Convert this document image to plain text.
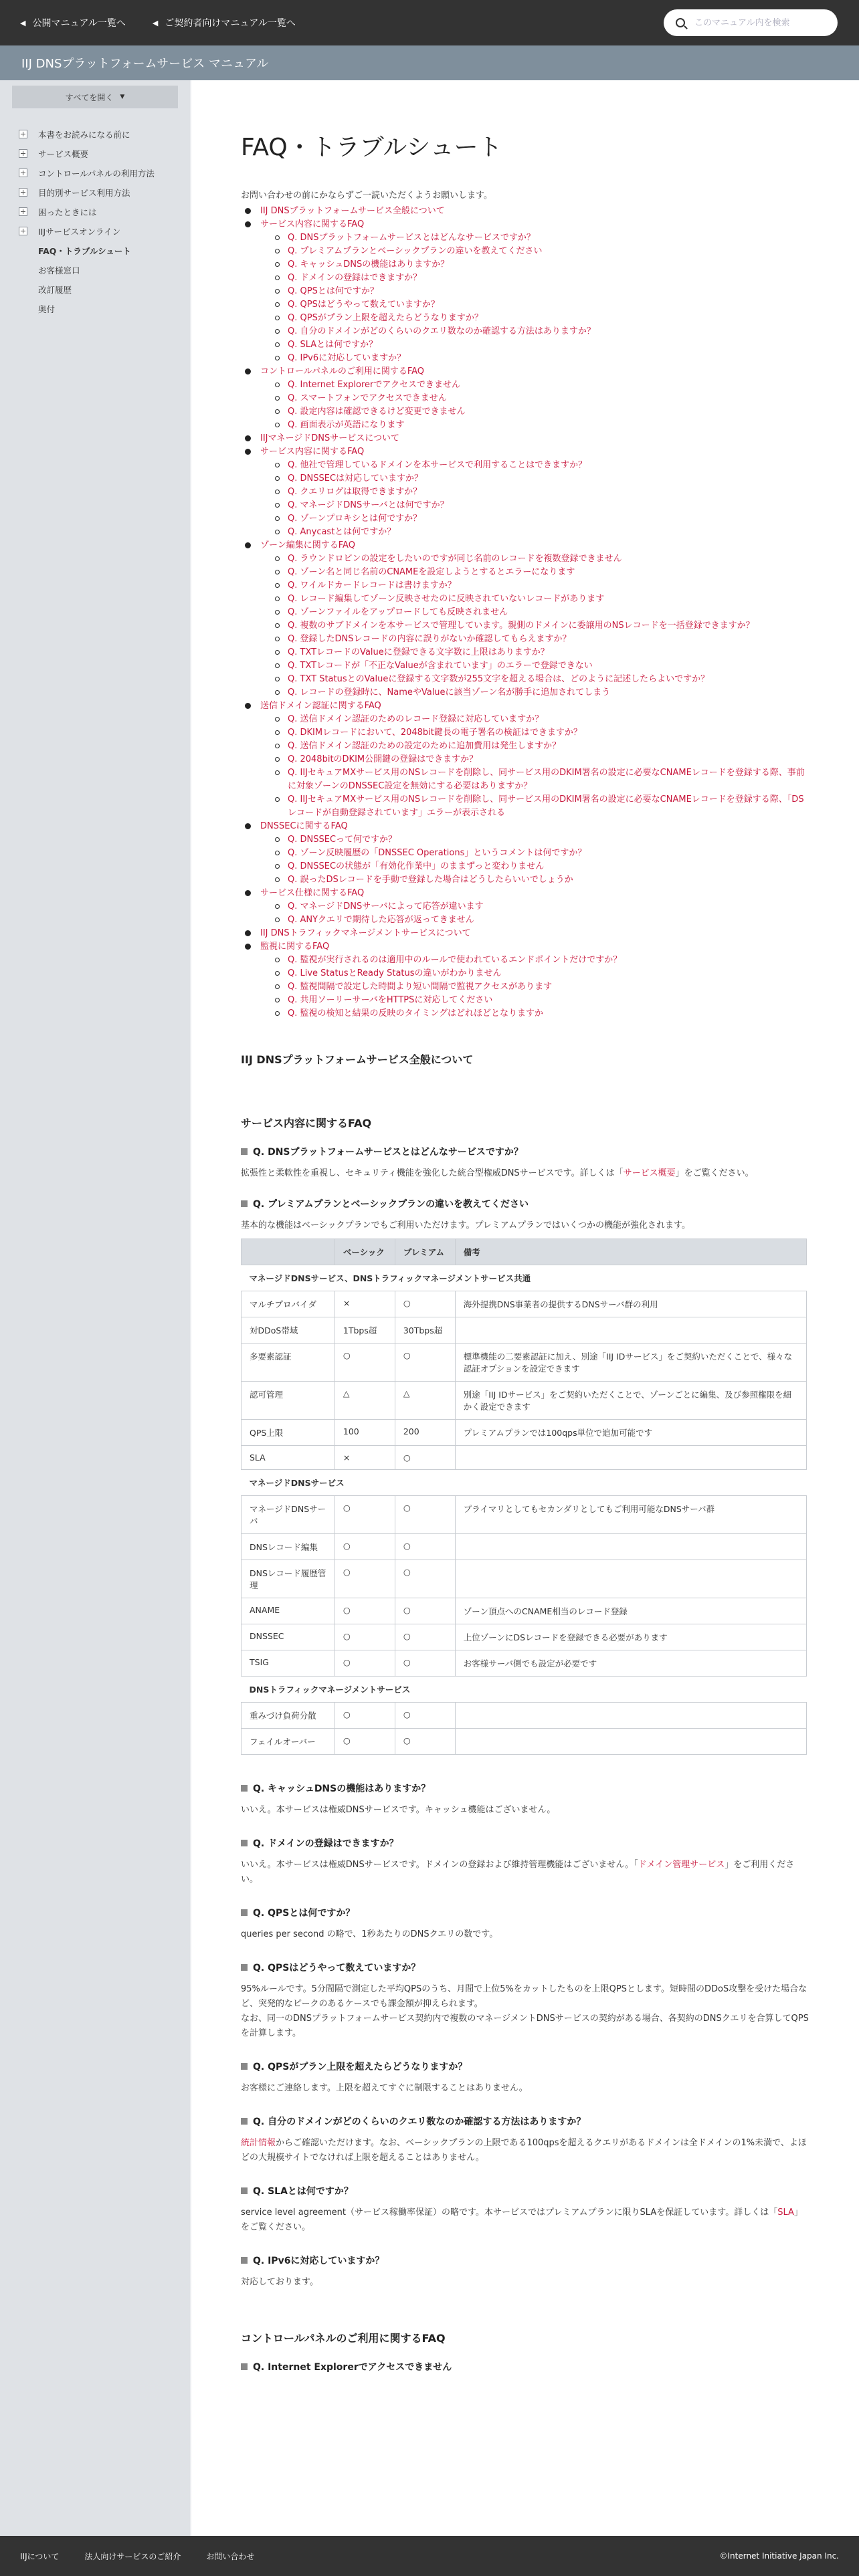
◀ 公開マニュアル一覧へ	◀ ご契約者向けマニュアル一覧へ
このマニュアル内を検索
IIJ DNSプラットフォームサービス マニュアル
すべてを開く ▼
本書をお読みになる前に
サービス概要
コントロールパネルの利用方法
目的別サービス利用方法
困ったときには
IIJサービスオンライン
FAQ・トラブルシュート
お客様窓口
改訂履歴
奥付
FAQ・トラブルシュート
お問い合わせの前にかならずご一読いただくようお願いします。
IIJ DNSプラットフォームサービス全般について
サービス内容に関するFAQ
Q. DNSプラットフォームサービスとはどんなサービスですか？
Q. プレミアムプランとベーシックプランの違いを教えてください
Q. キャッシュDNSの機能はありますか？
Q. ドメインの登録はできますか？
Q. QPSとは何ですか？
Q. QPSはどうやって数えていますか？
Q. QPSがプラン上限を超えたらどうなりますか？
Q. 自分のドメインがどのくらいのクエリ数なのか確認する方法はありますか？
Q. SLAとは何ですか？
Q. IPv6に対応していますか？
コントロールパネルのご利用に関するFAQ
Q. Internet Explorerでアクセスできません
Q. スマートフォンでアクセスできません
Q. 設定内容は確認できるけど変更できません
Q. 画面表示が英語になります
IIJマネージドDNSサービスについて
サービス内容に関するFAQ
Q. 他社で管理しているドメインを本サービスで利用することはできますか？
Q. DNSSECは対応していますか？
Q. クエリログは取得できますか？
Q. マネージドDNSサーバとは何ですか？
Q. ゾーンプロキシとは何ですか？
Q. Anycastとは何ですか？
ゾーン編集に関するFAQ
Q. ラウンドロビンの設定をしたいのですが同じ名前のレコードを複数登録できません
Q. ゾーン名と同じ名前のCNAMEを設定しようとするとエラーになります
Q. ワイルドカードレコードは書けますか？
Q. レコード編集してゾーン反映させたのに反映されていないレコードがあります
Q. ゾーンファイルをアップロードしても反映されません
Q. 複数のサブドメインを本サービスで管理しています。親側のドメインに委譲用のNSレコードを一括登録できますか？
Q. 登録したDNSレコードの内容に誤りがないか確認してもらえますか？
Q. TXTレコードのValueに登録できる文字数に上限はありますか？
Q. TXTレコードが「不正なValueが含まれています」のエラーで登録できない
Q. TXT StatusとのValueに登録する文字数が255文字を超える場合は、どのように記述したらよいですか？
Q. レコードの登録時に、NameやValueに該当ゾーン名が勝手に追加されてしまう
送信ドメイン認証に関するFAQ
Q. 送信ドメイン認証のためのレコード登録に対応していますか？
Q. DKIMレコードにおいて、2048bit鍵長の電子署名の検証はできますか？
Q. 送信ドメイン認証のための設定のために追加費用は発生しますか？
Q. 2048bitのDKIM公開鍵の登録はできますか？
Q. IIJセキュアMXサービス用のNSレコードを削除し、同サービス用のDKIM署名の設定に必要なCNAMEレコードを登録する際、事前に対象ゾーンのDNSSEC設定を無効にする必要はありますか？
Q. IIJセキュアMXサービス用のNSレコードを削除し、同サービス用のDKIM署名の設定に必要なCNAMEレコードを登録する際、「DSレコードが自動登録されています」エラーが表示される
DNSSECに関するFAQ
Q. DNSSECって何ですか？
Q. ゾーン反映履歴の「DNSSEC Operations」というコメントは何ですか？
Q. DNSSECの状態が「有効化作業中」のままずっと変わりません
Q. 誤ったDSレコードを手動で登録した場合はどうしたらいいでしょうか
サービス仕様に関するFAQ
Q. マネージドDNSサーバによって応答が違います
Q. ANYクエリで期待した応答が返ってきません
IIJ DNSトラフィックマネージメントサービスについて
監視に関するFAQ
Q. 監視が実行されるのは適用中のルールで使われているエンドポイントだけですか？
Q. Live StatusとReady Statusの違いがわかりません
Q. 監視間隔で設定した時間より短い間隔で監視アクセスがあります
Q. 共用ソーリーサーバをHTTPSに対応してください
Q. 監視の検知と結果の反映のタイミングはどれほどとなりますか
IIJ DNSプラットフォームサービス全般について
サービス内容に関するFAQ
Q. DNSプラットフォームサービスとはどんなサービスですか？
拡張性と柔軟性を重視し、セキュリティ機能を強化した統合型権威DNSサービスです。詳しくは「サービス概要」をご覧ください。
Q. プレミアムプランとベーシックプランの違いを教えてください
基本的な機能はベーシックプランでもご利用いただけます。プレミアムプランではいくつかの機能が強化されます。
	ベーシック	プレミアム	備考
マネージドDNSサービス、DNSトラフィックマネージメントサービス共通			
マルチプロバイダ	×	○	海外提携DNS事業者の提供するDNSサーバ群の利用
対DDoS帯域	1Tbps超	30Tbps超	
多要素認証	○	○	標準機能の二要素認証に加え、別途「IIJ IDサービス」をご契約いただくことで、様々な認証オプションを設定できます
認可管理	△	△	別途「IIJ IDサービス」をご契約いただくことで、ゾーンごとに編集、及び参照権限を細かく設定できます
QPS上限	100	200	プレミアムプランでは100qps単位で追加可能です
SLA	×	○	
マネージドDNSサービス			
マネージドDNSサーバ	○	○	プライマリとしてもセカンダリとしてもご利用可能なDNSサーバ群
DNSレコード編集	○	○	
DNSレコード履歴管理	○	○	
ANAME	○	○	ゾーン頂点へのCNAME相当のレコード登録
DNSSEC	○	○	上位ゾーンにDSレコードを登録できる必要があります
TSIG	○	○	お客様サーバ側でも設定が必要です
DNSトラフィックマネージメントサービス			
重みづけ負荷分散	○	○	
フェイルオーバー	○	○	
Q. キャッシュDNSの機能はありますか？
いいえ。本サービスは権威DNSサービスです。キャッシュ機能はございません。
Q. ドメインの登録はできますか？
いいえ。本サービスは権威DNSサービスです。ドメインの登録および維持管理機能はございません。「ドメイン管理サービス」をご利用ください。
Q. QPSとは何ですか？
queries per second の略で、1秒あたりのDNSクエリの数です。
Q. QPSはどうやって数えていますか？
95%ルールです。5分間隔で測定した平均QPSのうち、月間で上位5%をカットしたものを上限QPSとします。短時間のDDoS攻撃を受けた場合など、突発的なピークのあるケースでも課金額が抑えられます。
なお、同一のDNSプラットフォームサービス契約内で複数のマネージメントDNSサービスの契約がある場合、各契約のDNSクエリを合算してQPSを計算します。
Q. QPSがプラン上限を超えたらどうなりますか？
お客様にご連絡します。上限を超えてすぐに制限することはありません。
Q. 自分のドメインがどのくらいのクエリ数なのか確認する方法はありますか？
統計情報からご確認いただけます。なお、ベーシックプランの上限である100qpsを超えるクエリがあるドメインは全ドメインの1%未満で、よほどの大規模サイトでなければ上限を超えることはありません。
Q. SLAとは何ですか？
service level agreement（サービス稼働率保証）の略です。本サービスではプレミアムプランに限りSLAを保証しています。詳しくは「SLA」をご覧ください。
Q. IPv6に対応していますか？
対応しております。
コントロールパネルのご利用に関するFAQ
Q. Internet Explorerでアクセスできません
IIJについて	法人向けサービスのご紹介	お問い合わせ	©Internet Initiative Japan Inc.
